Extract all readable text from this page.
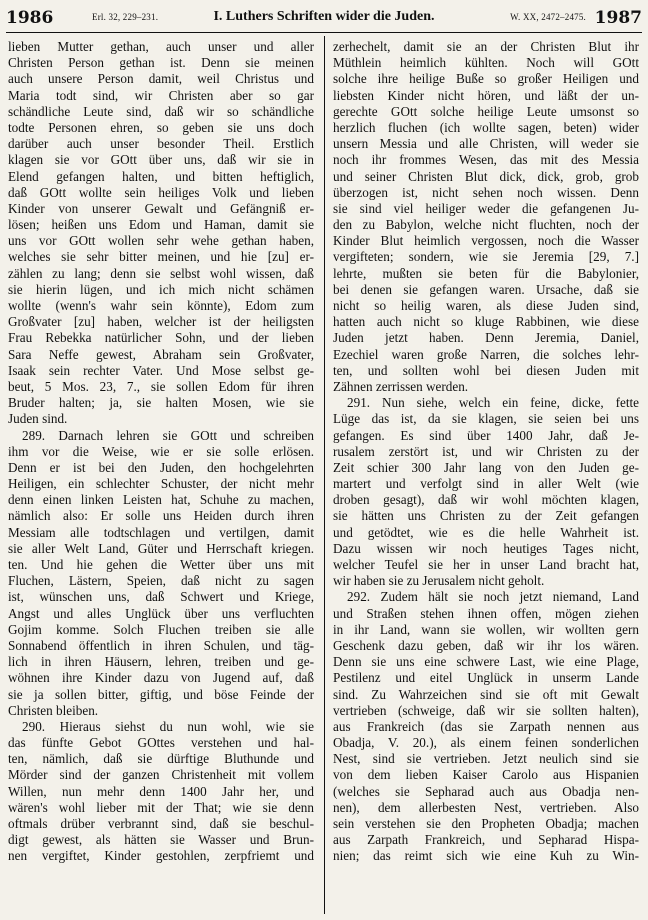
1986	Erl. 32, 229–231.	I. Luthers Schriften wider die Juden.	W. XX, 2472–2475. 1987
lieben Mutter gethan, auch unser und aller
Christen Person gethan ist. Denn sie meinen
auch unsere Person damit, weil Christus und
Maria todt sind, wir Christen aber so gar
schändliche Leute sind, daß wir so schändliche
todte Personen ehren, so geben sie uns doch
darüber auch unser besonder Theil. Erstlich
klagen sie vor GOtt über uns, daß wir sie in
Elend gefangen halten, und bitten heftiglich,
daß GOtt wollte sein heiliges Volk und lieben
Kinder von unserer Gewalt und Gefängniß er-
lösen; heißen uns Edom und Haman, damit sie
uns vor GOtt wollen sehr wehe gethan haben,
welches sie sehr bitter meinen, und hie [zu] er-
zählen zu lang; denn sie selbst wohl wissen, daß
sie hierin lügen, und ich mich nicht schämen
wollte (wenn's wahr sein könnte), Edom zum
Großvater [zu] haben, welcher ist der heiligsten
Frau Rebekka natürlicher Sohn, und der lieben
Sara Neffe gewest, Abraham sein Großvater,
Isaak sein rechter Vater. Und Mose selbst ge-
beut, 5 Mos. 23, 7., sie sollen Edom für ihren
Bruder halten; ja, sie halten Mosen, wie sie
Juden sind.
289. Darnach lehren sie GOtt und schreiben
ihm vor die Weise, wie er sie solle erlösen.
Denn er ist bei den Juden, den hochgelehrten
Heiligen, ein schlechter Schuster, der nicht mehr
denn einen linken Leisten hat, Schuhe zu machen,
nämlich also: Er solle uns Heiden durch ihren
Messiam alle todtschlagen und vertilgen, damit
sie aller Welt Land, Güter und Herrschaft kriegen.
ten. Und hie gehen die Wetter über uns mit
Fluchen, Lästern, Speien, daß nicht zu sagen
ist, wünschen uns, daß Schwert und Kriege,
Angst und alles Unglück über uns verfluchten
Gojim komme. Solch Fluchen treiben sie alle
Sonnabend öffentlich in ihren Schulen, und täg-
lich in ihren Häusern, lehren, treiben und ge-
wöhnen ihre Kinder dazu von Jugend auf, daß
sie ja sollen bitter, giftig, und böse Feinde der
Christen bleiben.
290. Hieraus siehst du nun wohl, wie sie
das fünfte Gebot GOttes verstehen und hal-
ten, nämlich, daß sie dürftige Bluthunde und
Mörder sind der ganzen Christenheit mit vollem
Willen, nun mehr denn 1400 Jahr her, und
wären's wohl lieber mit der That; wie sie denn
oftmals drüber verbrannt sind, daß sie beschul-
digt gewest, als hätten sie Wasser und Brun-
nen vergiftet, Kinder gestohlen, zerpfriemt und
zerhechelt, damit sie an der Christen Blut ihr
Müthlein heimlich kühlten. Noch will GOtt
solche ihre heilige Buße so großer Heiligen und
liebsten Kinder nicht hören, und läßt der un-
gerechte GOtt solche heilige Leute umsonst so
herzlich fluchen (ich wollte sagen, beten) wider
unsern Messia und alle Christen, will weder sie
noch ihr frommes Wesen, das mit des Messia
und seiner Christen Blut dick, dick, grob, grob
überzogen ist, nicht sehen noch wissen. Denn
sie sind viel heiliger weder die gefangenen Ju-
den zu Babylon, welche nicht fluchten, noch der
Kinder Blut heimlich vergossen, noch die Wasser
vergifteten; sondern, wie sie Jeremia [29, 7.]
lehrte, mußten sie beten für die Babylonier,
bei denen sie gefangen waren. Ursache, daß sie
nicht so heilig waren, als diese Juden sind,
hatten auch nicht so kluge Rabbinen, wie diese
Juden jetzt haben. Denn Jeremia, Daniel,
Ezechiel waren große Narren, die solches lehr-
ten, und sollten wohl bei diesen Juden mit
Zähnen zerrissen werden.
291. Nun siehe, welch ein feine, dicke, fette
Lüge das ist, da sie klagen, sie seien bei uns
gefangen. Es sind über 1400 Jahr, daß Je-
rusalem zerstört ist, und wir Christen zu der
Zeit schier 300 Jahr lang von den Juden ge-
martert und verfolgt sind in aller Welt (wie
droben gesagt), daß wir wohl möchten klagen,
sie hätten uns Christen zu der Zeit gefangen
und getödtet, wie es die helle Wahrheit ist.
Dazu wissen wir noch heutiges Tages nicht,
welcher Teufel sie her in unser Land bracht hat,
wir haben sie zu Jerusalem nicht geholt.
292. Zudem hält sie noch jetzt niemand, Land
und Straßen stehen ihnen offen, mögen ziehen
in ihr Land, wann sie wollen, wir wollten gern
Geschenk dazu geben, daß wir ihr los wären.
Denn sie uns eine schwere Last, wie eine Plage,
Pestilenz und eitel Unglück in unserm Lande
sind. Zu Wahrzeichen sind sie oft mit Gewalt
vertrieben (schweige, daß wir sie sollten halten),
aus Frankreich (das sie Zarpath nennen aus
Obadja, V. 20.), als einem feinen sonderlichen
Nest, sind sie vertrieben. Jetzt neulich sind sie
von dem lieben Kaiser Carolo aus Hispanien
(welches sie Sepharad auch aus Obadja nen-
nen), dem allerbesten Nest, vertrieben. Also
sein verstehen sie den Propheten Obadja; machen
aus Zarpath Frankreich, und Sepharad Hispa-
nien; das reimt sich wie eine Kuh zu Win-
